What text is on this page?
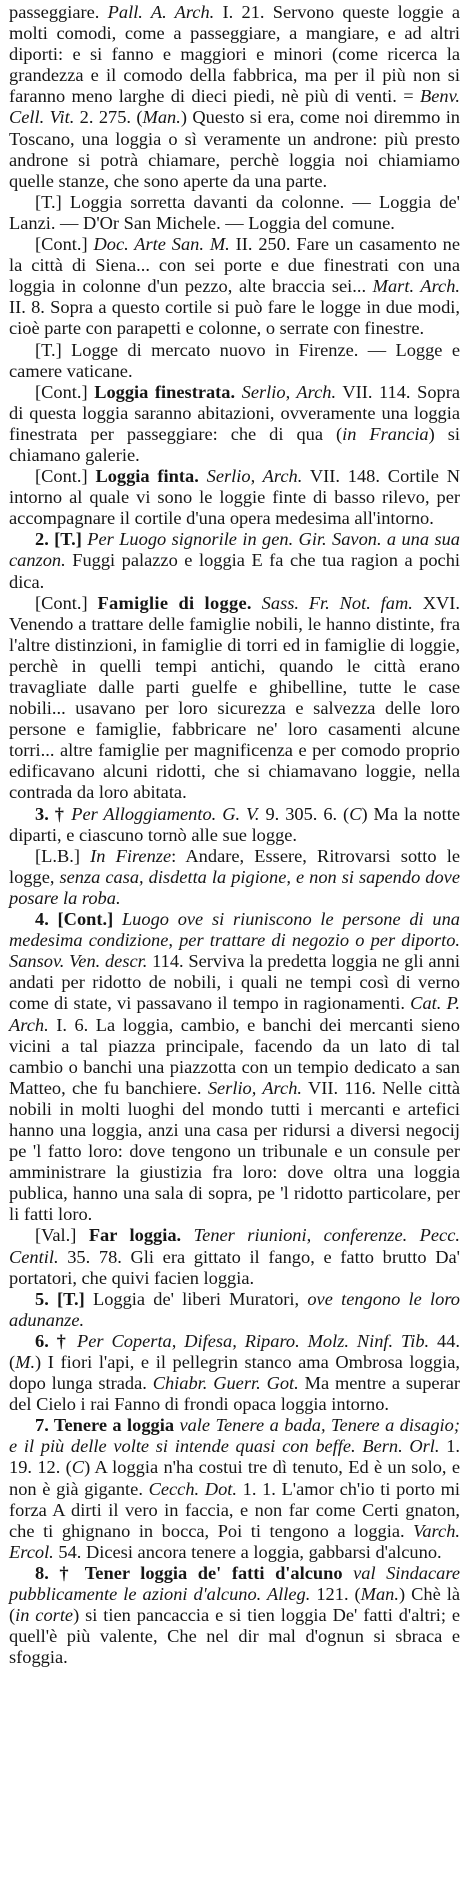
passeggiare. Pall. A. Arch. I. 21. Servono queste loggie a molti comodi, come a passeggiare, a mangiare, e ad altri diporti: e si fanno e maggiori e minori (come ricerca la grandezza e il comodo della fabbrica, ma per il più non si faranno meno larghe di dieci piedi, nè più di venti. = Benv. Cell. Vit. 2. 275. (Man.) Questo si era, come noi diremmo in Toscano, una loggia o sì veramente un androne: più presto androne si potrà chiamare, perchè loggia noi chiamiamo quelle stanze, che sono aperte da una parte.

[T.] Loggia sorretta davanti da colonne. — Loggia de' Lanzi. — D'Or San Michele. — Loggia del comune.

[Cont.] Doc. Arte San. M. II. 250. Fare un casamento ne la città di Siena... con sei porte e due finestrati con una loggia in colonne d'un pezzo, alte braccia sei... Mart. Arch. II. 8. Sopra a questo cortile si può fare le logge in due modi, cioè parte con parapetti e colonne, o serrate con finestre.

[T.] Logge di mercato nuovo in Firenze. — Logge e camere vaticane.

[Cont.] Loggia finestrata. Serlio, Arch. VII. 114. Sopra di questa loggia saranno abitazioni, ovveramente una loggia finestrata per passeggiare: che di qua (in Francia) si chiamano galerie.

[Cont.] Loggia finta. Serlio, Arch. VII. 148. Cortile N intorno al quale vi sono le loggie finte di basso rilevo, per accompagnare il cortile d'una opera medesima all'intorno.

2. [T.] Per Luogo signorile in gen. Gir. Savon. a una sua canzon. Fuggi palazzo e loggia E fa che tua ragion a pochi dica.

[Cont.] Famiglie di logge. Sass. Fr. Not. fam. XVI. Venendo a trattare delle famiglie nobili, le hanno distinte, fra l'altre distinzioni, in famiglie di torri ed in famiglie di loggie, perchè in quelli tempi antichi, quando le città erano travagliate dalle parti guelfe e ghibelline, tutte le case nobili... usavano per loro sicurezza e salvezza delle loro persone e famiglie, fabbricare ne' loro casamenti alcune torri... altre famiglie per magnificenza e per comodo proprio edificavano alcuni ridotti, che si chiamavano loggie, nella contrada da loro abitata.

3. † Per Alloggiamento. G. V. 9. 305. 6. (C) Ma la notte diparti, e ciascuno tornò alle sue logge.

[L.B.] In Firenze: Andare, Essere, Ritrovarsi sotto le logge, senza casa, disdetta la pigione, e non si sapendo dove posare la roba.

4. [Cont.] Luogo ove si riuniscono le persone di una medesima condizione, per trattare di negozio o per diporto. Sansov. Ven. descr. 114. Serviva la predetta loggia ne gli anni andati per ridotto de nobili, i quali ne tempi così di verno come di state, vi passavano il tempo in ragionamenti. Cat. P. Arch. I. 6. La loggia, cambio, e banchi dei mercanti sieno vicini a tal piazza principale, facendo da un lato di tal cambio o banchi una piazzotta con un tempio dedicato a san Matteo, che fu banchiere. Serlio, Arch. VII. 116. Nelle città nobili in molti luoghi del mondo tutti i mercanti e artefici hanno una loggia, anzi una casa per ridursi a diversi negocij pe 'l fatto loro: dove tengono un tribunale e un consule per amministrare la giustizia fra loro: dove oltra una loggia publica, hanno una sala di sopra, pe 'l ridotto particolare, per li fatti loro.

[Val.] Far loggia. Tener riunioni, conferenze. Pecc. Centil. 35. 78. Gli era gittato il fango, e fatto brutto Da' portatori, che quivi facien loggia.

5. [T.] Loggia de' liberi Muratori, ove tengono le loro adunanze.

6. † Per Coperta, Difesa, Riparo. Molz. Ninf. Tib. 44. (M.) I fiori l'api, e il pellegrin stanco ama Ombrosa loggia, dopo lunga strada. Chiabr. Guerr. Got. Ma mentre a superar del Cielo i rai Fanno di frondi opaca loggia intorno.

7. Tenere a loggia vale Tenere a bada, Tenere a disagio; e il più delle volte si intende quasi con beffe. Bern. Orl. 1. 19. 12. (C) A loggia n'ha costui tre dì tenuto, Ed è un solo, e non è già gigante. Cecch. Dot. 1. 1. L'amor ch'io ti porto mi forza A dirti il vero in faccia, e non far come Certi gnaton, che ti ghignano in bocca, Poi ti tengono a loggia. Varch. Ercol. 54. Dicesi ancora tenere a loggia, gabbarsi d'alcuno.

8. † Tener loggia de' fatti d'alcuno val Sindacare pubblicamente le azioni d'alcuno. Alleg. 121. (Man.) Chè là (in corte) si tien pancaccia e si tien loggia De' fatti d'altri; e quell'è più valente, Che nel dir mal d'ognun si sbraca e sfoggia.
